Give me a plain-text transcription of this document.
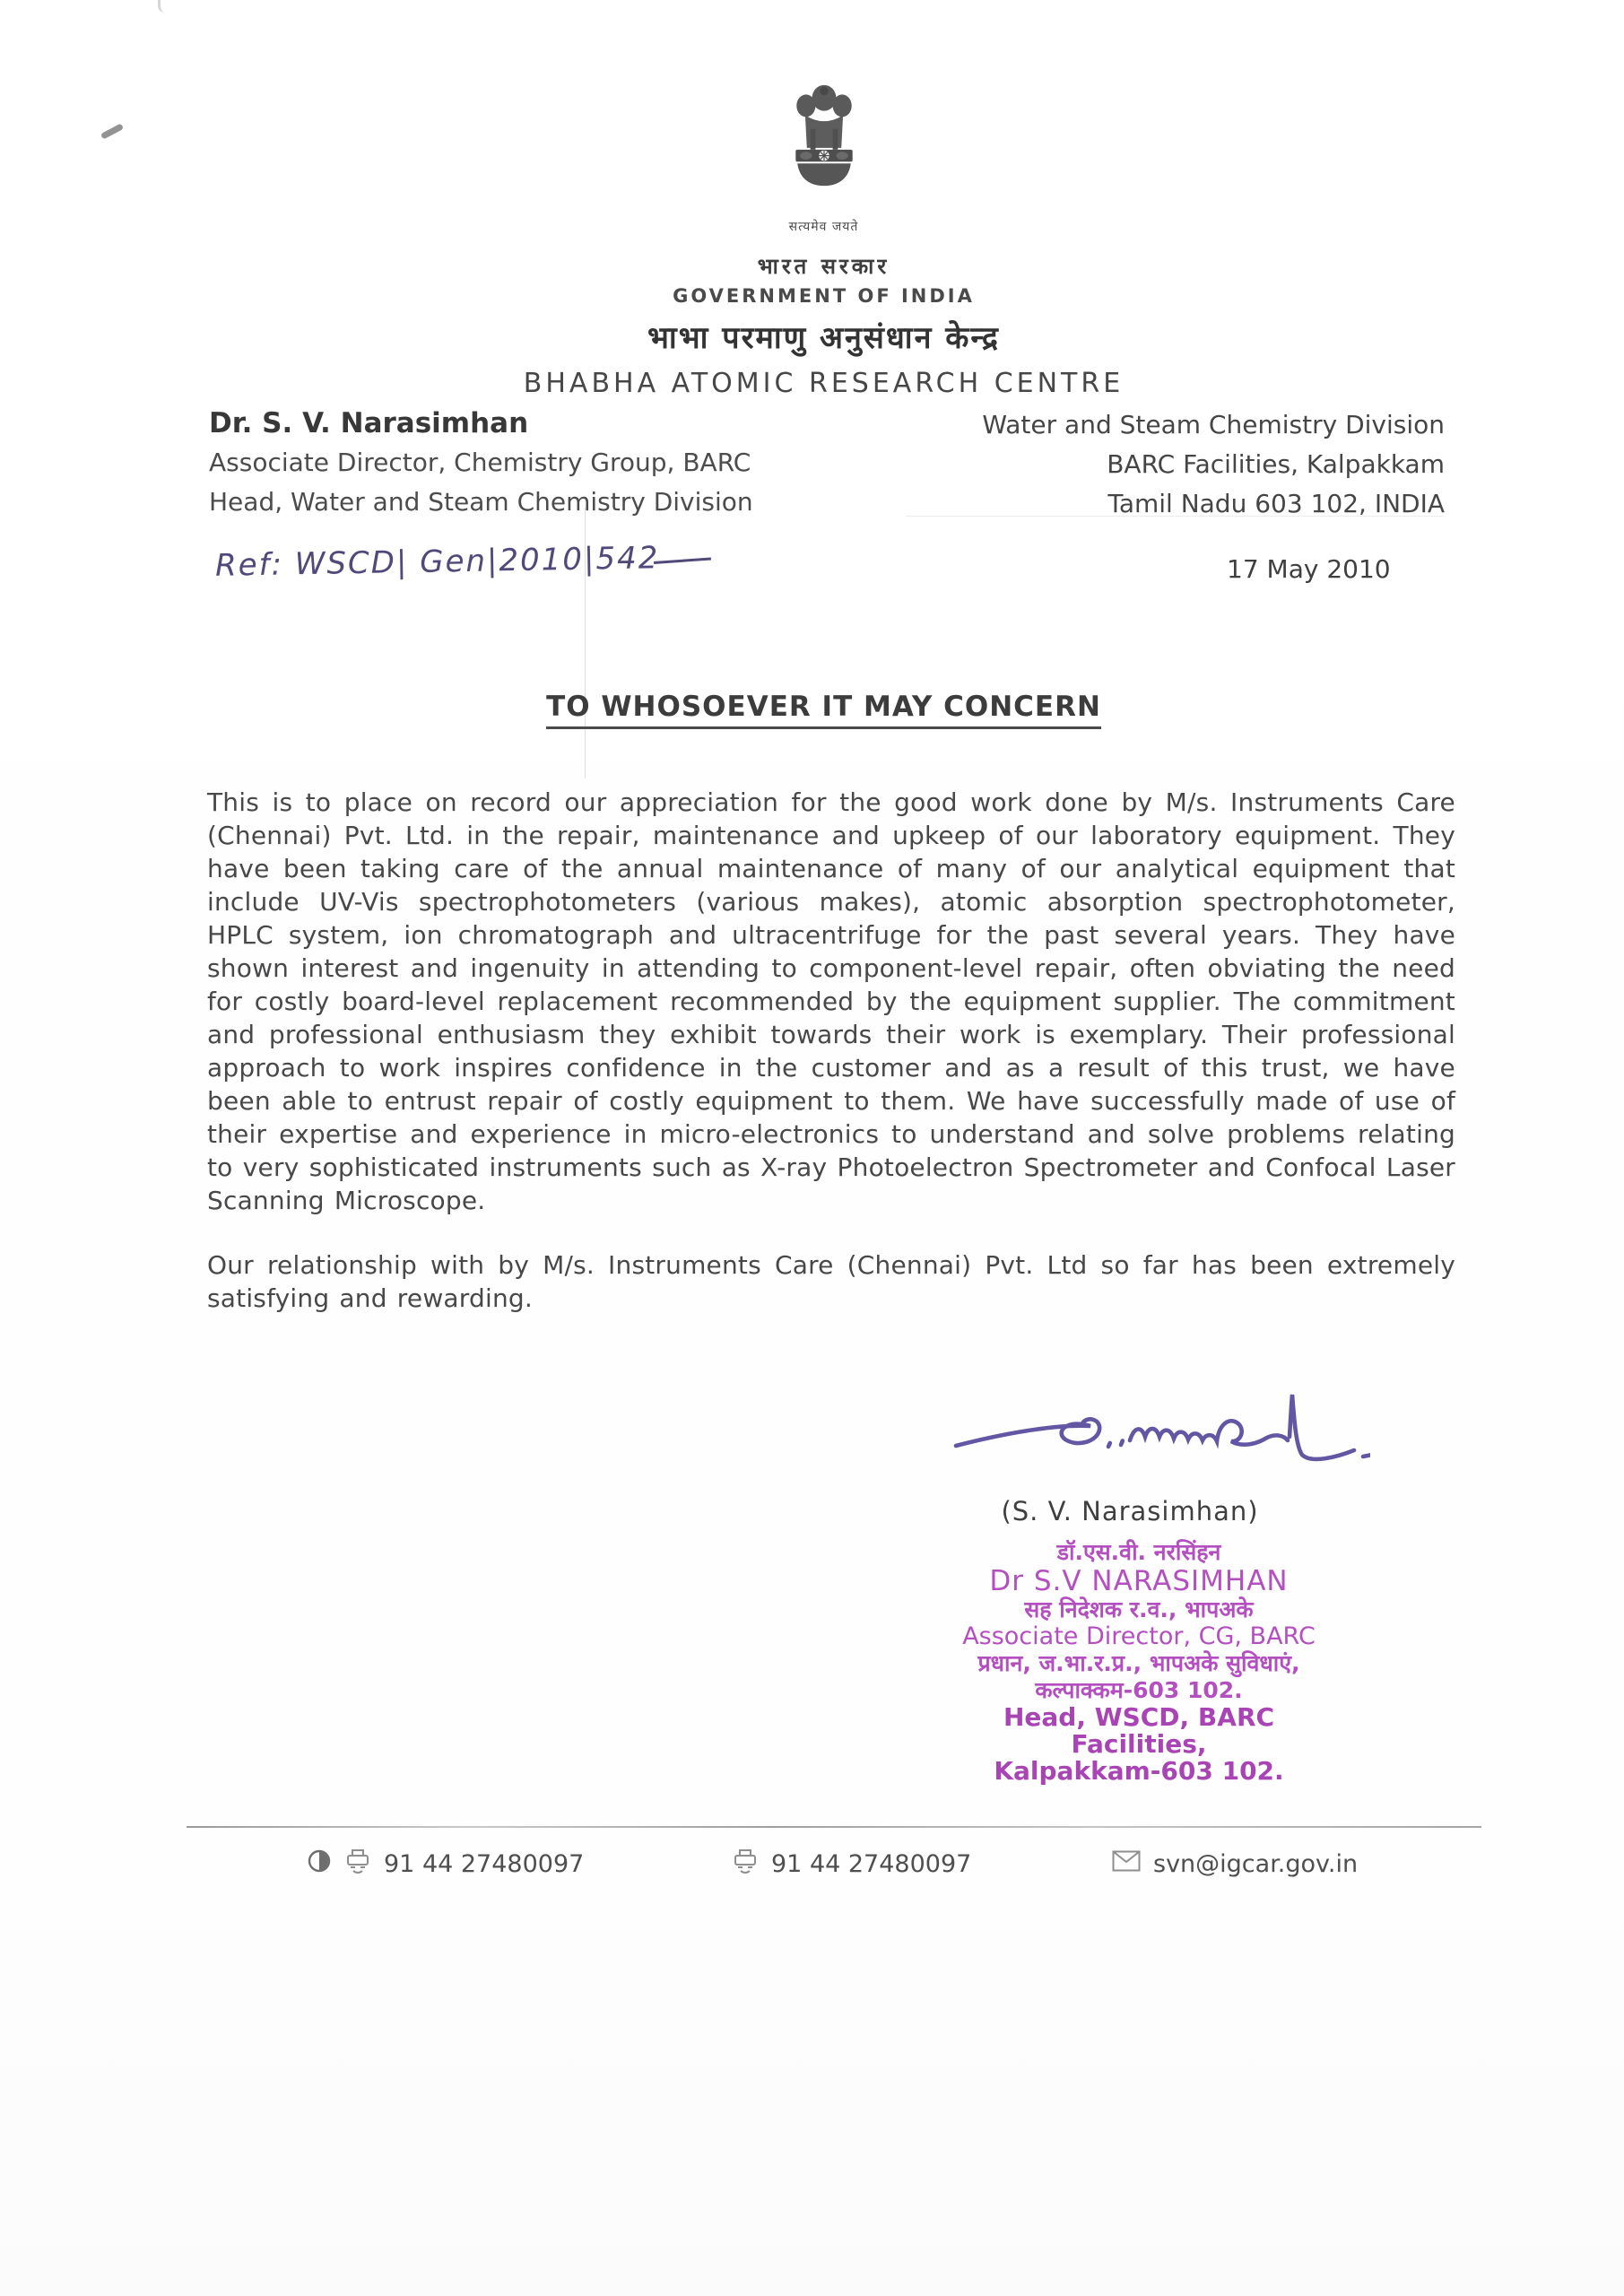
सत्यमेव जयते
भारत सरकार
GOVERNMENT OF INDIA
भाभा परमाणु अनुसंधान केन्द्र
BHABHA ATOMIC RESEARCH CENTRE
Dr. S. V. Narasimhan
Associate Director, Chemistry Group, BARC
Head, Water and Steam Chemistry Division
Water and Steam Chemistry Division
BARC Facilities, Kalpakkam
Tamil Nadu 603 102, INDIA
Ref: WSCD| Gen|2010|542	17 May 2010
TO WHOSOEVER IT MAY CONCERN
This is to place on record our appreciation for the good work done by M/s. Instruments Care (Chennai) Pvt. Ltd. in the repair, maintenance and upkeep of our laboratory equipment. They have been taking care of the annual maintenance of many of our analytical equipment that include UV-Vis spectrophotometers (various makes), atomic absorption spectrophotometer, HPLC system, ion chromatograph and ultracentrifuge for the past several years. They have shown interest and ingenuity in attending to component-level repair, often obviating the need for costly board-level replacement recommended by the equipment supplier. The commitment and professional enthusiasm they exhibit towards their work is exemplary. Their professional approach to work inspires confidence in the customer and as a result of this trust, we have been able to entrust repair of costly equipment to them. We have successfully made of use of their expertise and experience in micro-electronics to understand and solve problems relating to very sophisticated instruments such as X-ray Photoelectron Spectrometer and Confocal Laser Scanning Microscope.
Our relationship with by M/s. Instruments Care (Chennai) Pvt. Ltd so far has been extremely satisfying and rewarding.
(S. V. Narasimhan)
डॉ.एस.वी. नरसिंहन
Dr S.V NARASIMHAN
सह निदेशक र.व., भापअके
Associate Director, CG, BARC
प्रधान, ज.भा.र.प्र., भापअके सुविधाएं,
कल्पाक्कम-603 102.
Head, WSCD, BARC Facilities,
Kalpakkam-603 102.
91 44 27480097	91 44 27480097	svn@igcar.gov.in
